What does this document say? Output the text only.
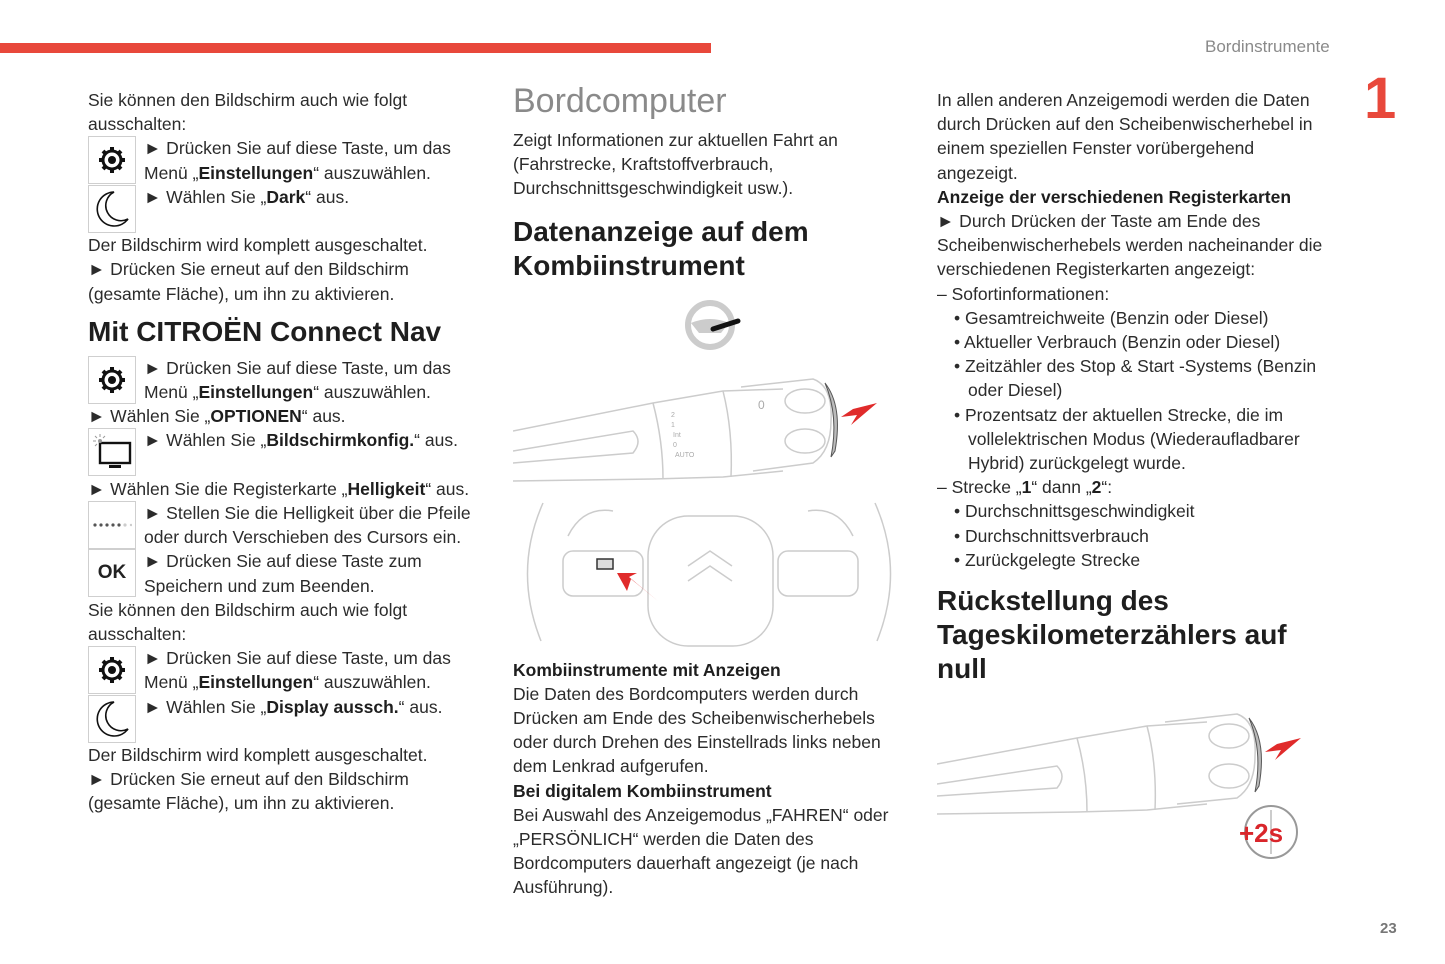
Bordinstrumente
1
23

Sie können den Bildschirm auch wie folgt ausschalten:

► Drücken Sie auf diese Taste, um das Menü „Einstellungen“ auszuwählen.

► Wählen Sie „Dark“ aus.

Der Bildschirm wird komplett ausgeschaltet.

► Drücken Sie erneut auf den Bildschirm (gesamte Fläche), um ihn zu aktivieren.

Mit CITROËN Connect Nav

► Drücken Sie auf diese Taste, um das Menü „Einstellungen“ auszuwählen.

► Wählen Sie „OPTIONEN“ aus.

► Wählen Sie „Bildschirmkonfig.“ aus.

► Wählen Sie die Registerkarte „Helligkeit“ aus.

► Stellen Sie die Helligkeit über die Pfeile oder durch Verschieben des Cursors ein.

OK

► Drücken Sie auf diese Taste zum Speichern und zum Beenden.

Sie können den Bildschirm auch wie folgt ausschalten:

► Drücken Sie auf diese Taste, um das Menü „Einstellungen“ auszuwählen.

► Wählen Sie „Display aussch.“ aus.

Der Bildschirm wird komplett ausgeschaltet.

► Drücken Sie erneut auf den Bildschirm (gesamte Fläche), um ihn zu aktivieren.

Bordcomputer

Zeigt Informationen zur aktuellen Fahrt an (Fahrstrecke, Kraftstoffverbrauch, Durchschnittsgeschwindigkeit usw.).

Datenanzeige auf dem Kombiinstrument
0
2
1
Int
0
AUTO

Kombiinstrumente mit Anzeigen

Die Daten des Bordcomputers werden durch Drücken am Ende des Scheibenwischerhebels oder durch Drehen des Einstellrads links neben dem Lenkrad aufgerufen.

Bei digitalem Kombiinstrument

Bei Auswahl des Anzeigemodus „FAHREN“ oder „PERSÖNLICH“ werden die Daten des Bordcomputers dauerhaft angezeigt (je nach Ausführung).

In allen anderen Anzeigemodi werden die Daten durch Drücken auf den Scheibenwischerhebel in einem speziellen Fenster vorübergehend angezeigt.

Anzeige der verschiedenen Registerkarten

► Durch Drücken der Taste am Ende des Scheibenwischerhebels werden nacheinander die verschiedenen Registerkarten angezeigt:

– Sofortinformationen:

• Gesamtreichweite (Benzin oder Diesel)

• Aktueller Verbrauch (Benzin oder Diesel)

• Zeitzähler des Stop & Start -Systems (Benzin oder Diesel)

• Prozentsatz der aktuellen Strecke, die im vollelektrischen Modus (Wiederaufladbarer Hybrid) zurückgelegt wurde.

– Strecke „1“ dann „2“:

• Durchschnittsgeschwindigkeit

• Durchschnittsverbrauch

• Zurückgelegte Strecke

Rückstellung des Tageskilometerzählers auf null
+2s
